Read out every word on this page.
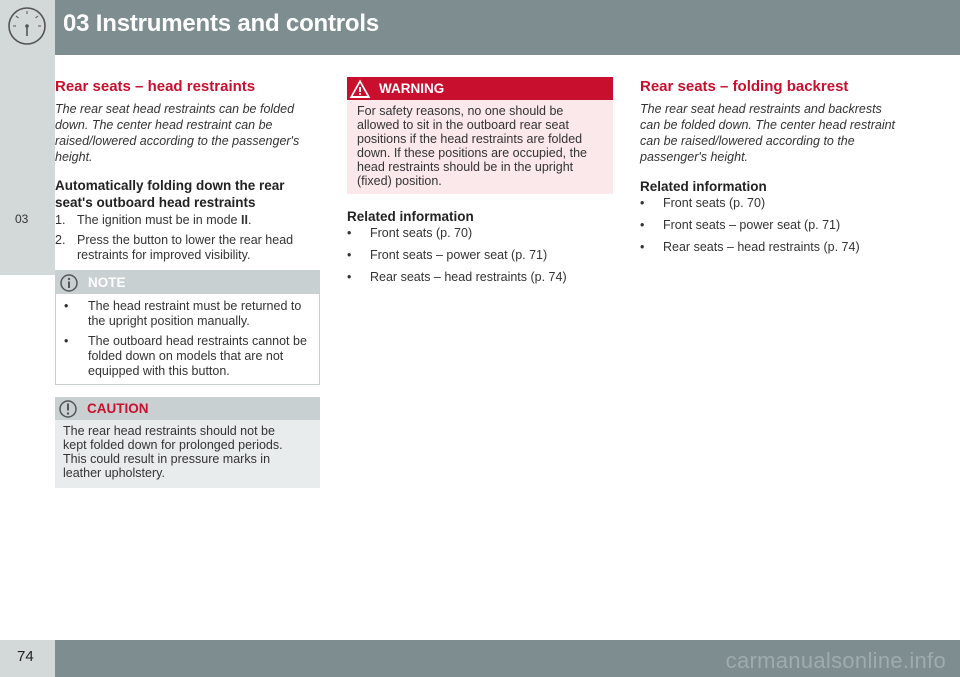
03 Instruments and controls
03
74	carmanualsonline.info
Rear seats – head restraints

The rear seat head restraints can be folded down. The center head restraint can be raised/lowered according to the passenger's height.

Automatically folding down the rear seat's outboard head restraints
1. The ignition must be in mode II.
2. Press the button to lower the rear head restraints for improved visibility.
NOTE
• The head restraint must be returned to the upright position manually.
• The outboard head restraints cannot be folded down on models that are not equipped with this button.
CAUTION
The rear head restraints should not be kept folded down for prolonged periods. This could result in pressure marks in leather upholstery.
WARNING
For safety reasons, no one should be allowed to sit in the outboard rear seat positions if the head restraints are folded down. If these positions are occupied, the head restraints should be in the upright (fixed) position.
Related information
• Front seats (p. 70)
• Front seats – power seat (p. 71)
• Rear seats – head restraints (p. 74)
Rear seats – folding backrest

The rear seat head restraints and backrests can be folded down. The center head restraint can be raised/lowered according to the passenger's height.

Related information
• Front seats (p. 70)
• Front seats – power seat (p. 71)
• Rear seats – head restraints (p. 74)
